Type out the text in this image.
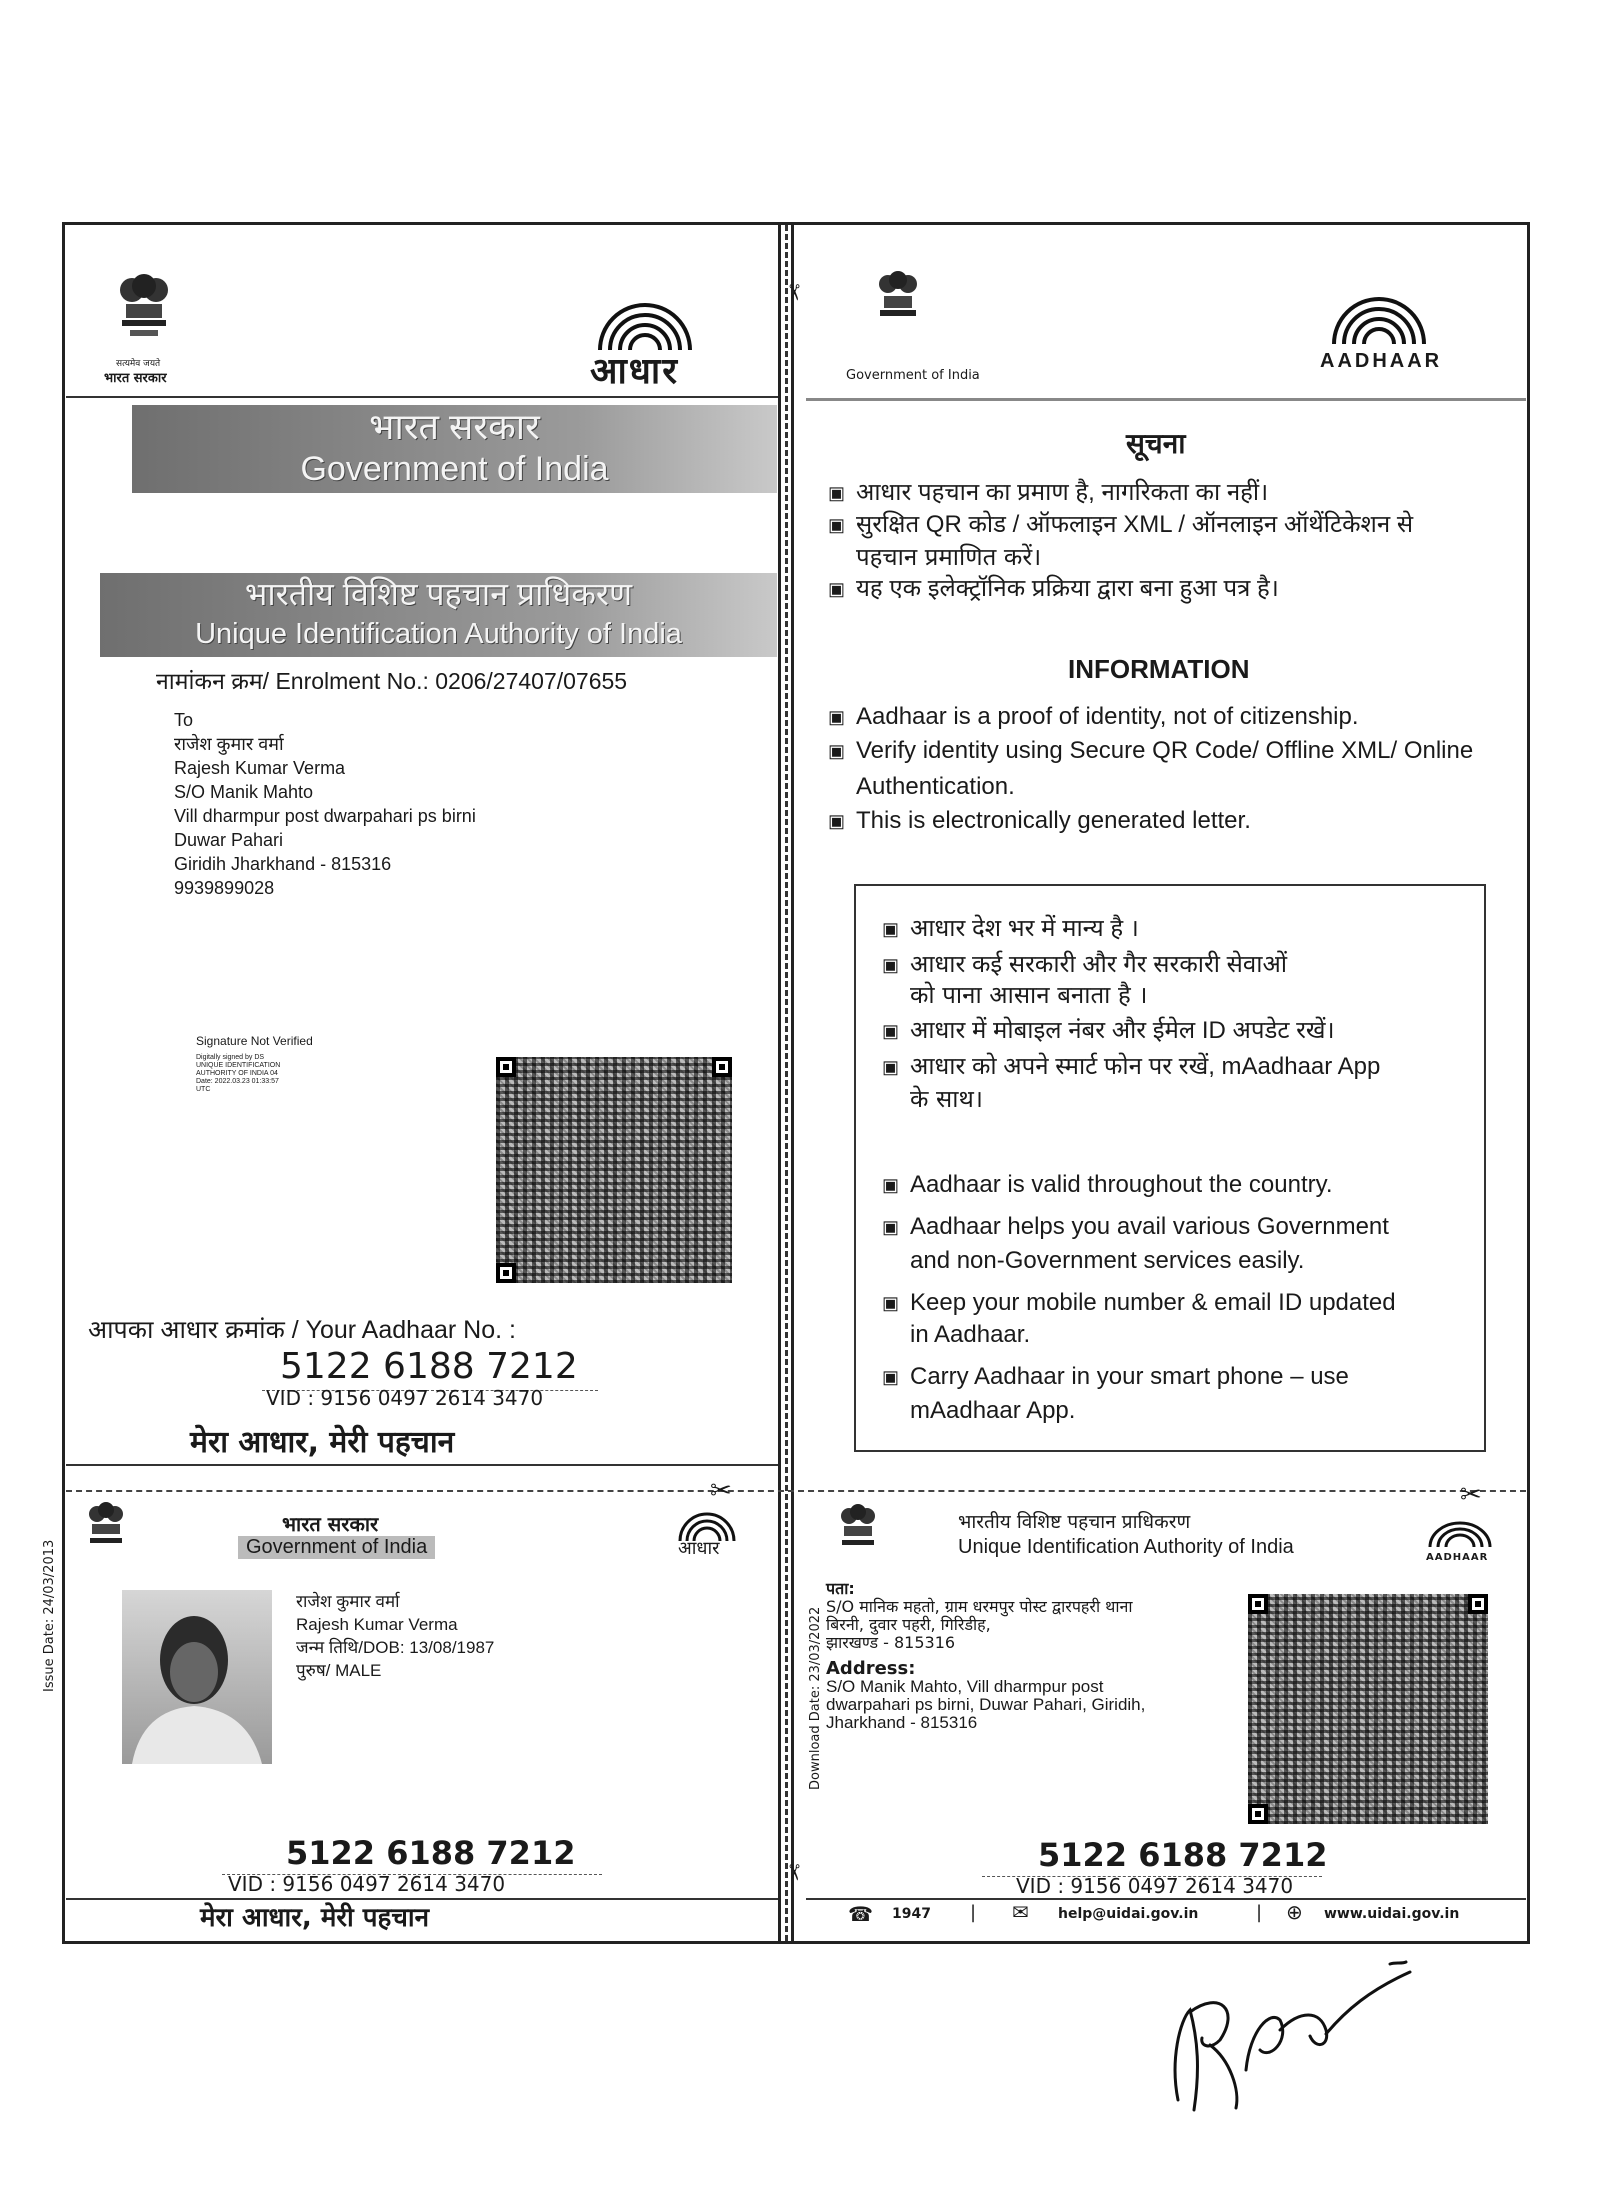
✂
✂
सत्यमेव जयते
भारत सरकार	आधार
भारत सरकार
Government of India
भारतीय विशिष्ट पहचान प्राधिकरण
Unique Identification Authority of India
नामांकन क्रम/ Enrolment No.: 0206/27407/07655
To
राजेश कुमार वर्मा
Rajesh Kumar Verma
S/O Manik Mahto
Vill dharmpur post dwarpahari ps birni
Duwar Pahari
Giridih Jharkhand - 815316
9939899028
Signature Not Verified
Digitally signed by DS
UNIQUE IDENTIFICATION
AUTHORITY OF INDIA 04
Date: 2022.03.23 01:33:57
UTC
आपका आधार क्रमांक / Your Aadhaar No. :
5122 6188 7212
VID : 9156 0497 2614 3470
मेरा आधार, मेरी पहचान
Government of India
AADHAAR
सूचना
▣ आधार पहचान का प्रमाण है, नागरिकता का नहीं।
▣ सुरक्षित QR कोड / ऑफलाइन XML / ऑनलाइन ऑथेंटिकेशन से
पहचान प्रमाणित करें।
▣ यह एक इलेक्ट्रॉनिक प्रक्रिया द्वारा बना हुआ पत्र है।
INFORMATION
▣ Aadhaar is a proof of identity, not of citizenship.
▣ Verify identity using Secure QR Code/ Offline XML/ Online
Authentication.
▣ This is electronically generated letter.
▣ आधार देश भर में मान्य है ।
▣ आधार कई सरकारी और गैर सरकारी सेवाओं
को पाना आसान बनाता है ।
▣ आधार में मोबाइल नंबर और ईमेल ID अपडेट रखें।
▣ आधार को अपने स्मार्ट फोन पर रखें, mAadhaar App
के साथ।
▣ Aadhaar is valid throughout the country.
▣ Aadhaar helps you avail various Government
and non-Government services easily.
▣ Keep your mobile number & email ID updated
in Aadhaar.
▣ Carry Aadhaar in your smart phone – use
mAadhaar App.
✂	✂
भारत सरकार
Government of India	आधार
Issue Date: 24/03/2013	राजेश कुमार वर्मा
Rajesh Kumar Verma
जन्म तिथि/DOB: 13/08/1987
पुरुष/ MALE
5122 6188 7212
VID : 9156 0497 2614 3470
मेरा आधार, मेरी पहचान
भारतीय विशिष्ट पहचान प्राधिकरण
Unique Identification Authority of India	AADHAAR
Download Date: 23/03/2022
पता:
S/O मानिक महतो, ग्राम धरमपुर पोस्ट द्वारपहरी थाना
बिरनी, दुवार पहरी, गिरिडीह,
झारखण्ड - 815316
Address:
S/O Manik Mahto, Vill dharmpur post
dwarpahari ps birni, Duwar Pahari, Giridih,
Jharkhand - 815316
5122 6188 7212
VID : 9156 0497 2614 3470
☎ 1947 | ✉ help@uidai.gov.in	| ⊕ www.uidai.gov.in
